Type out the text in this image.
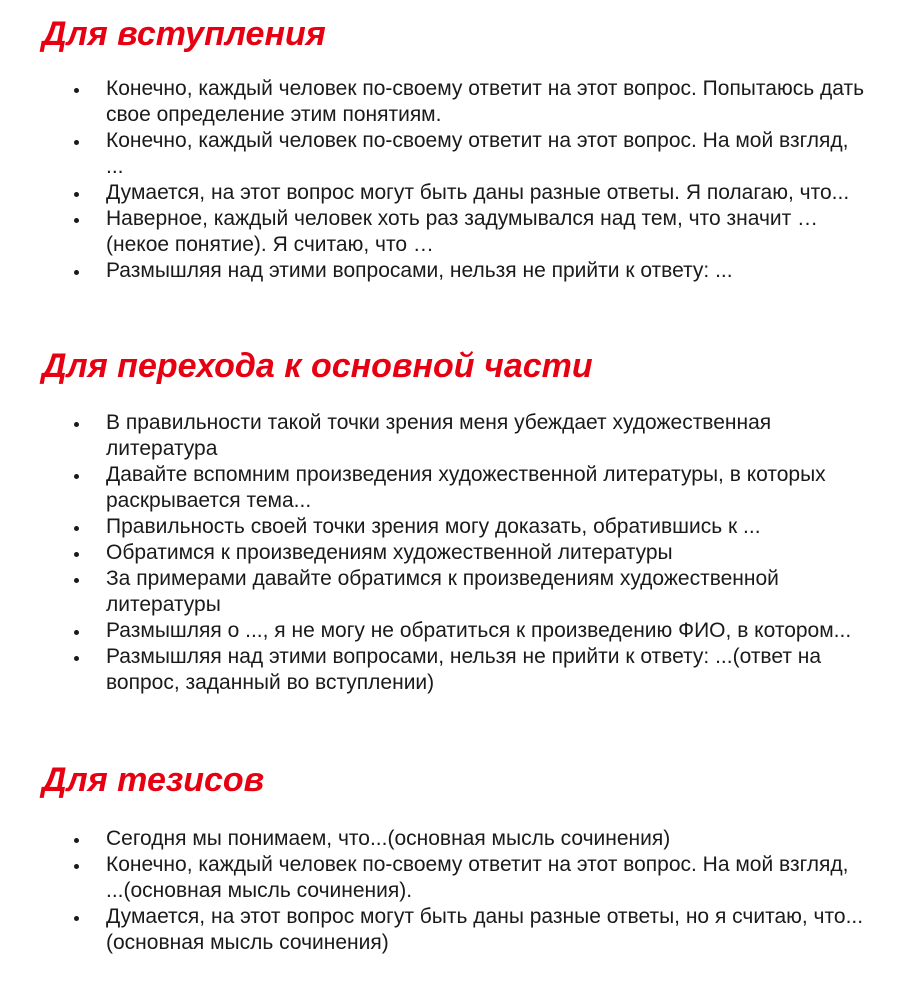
Для вступления
Конечно, каждый человек по-своему ответит на этот вопрос. Попытаюсь дать свое определение этим понятиям.
Конечно, каждый человек по-своему ответит на этот вопрос. На мой взгляд, ...
Думается, на этот вопрос могут быть даны разные ответы. Я полагаю, что...
Наверное, каждый человек хоть раз задумывался над тем, что значит …(некое понятие). Я считаю, что …
Размышляя над этими вопросами, нельзя не прийти к ответу: ...
Для перехода к основной части
В правильности такой точки зрения меня убеждает художественная литература
Давайте вспомним произведения художественной литературы, в которых раскрывается тема...
Правильность своей точки зрения могу доказать, обратившись к ...
Обратимся к произведениям художественной литературы
За примерами давайте обратимся к произведениям художественной литературы
Размышляя о ..., я не могу не обратиться к произведению ФИО, в котором...
Размышляя над этими вопросами, нельзя не прийти к ответу: ...(ответ на вопрос, заданный во вступлении)
Для тезисов
Сегодня мы понимаем, что...(основная мысль сочинения)
Конечно, каждый человек по-своему ответит на этот вопрос. На мой взгляд, ...(основная мысль сочинения).
Думается, на этот вопрос могут быть даны разные ответы, но я считаю, что... (основная мысль сочинения)
